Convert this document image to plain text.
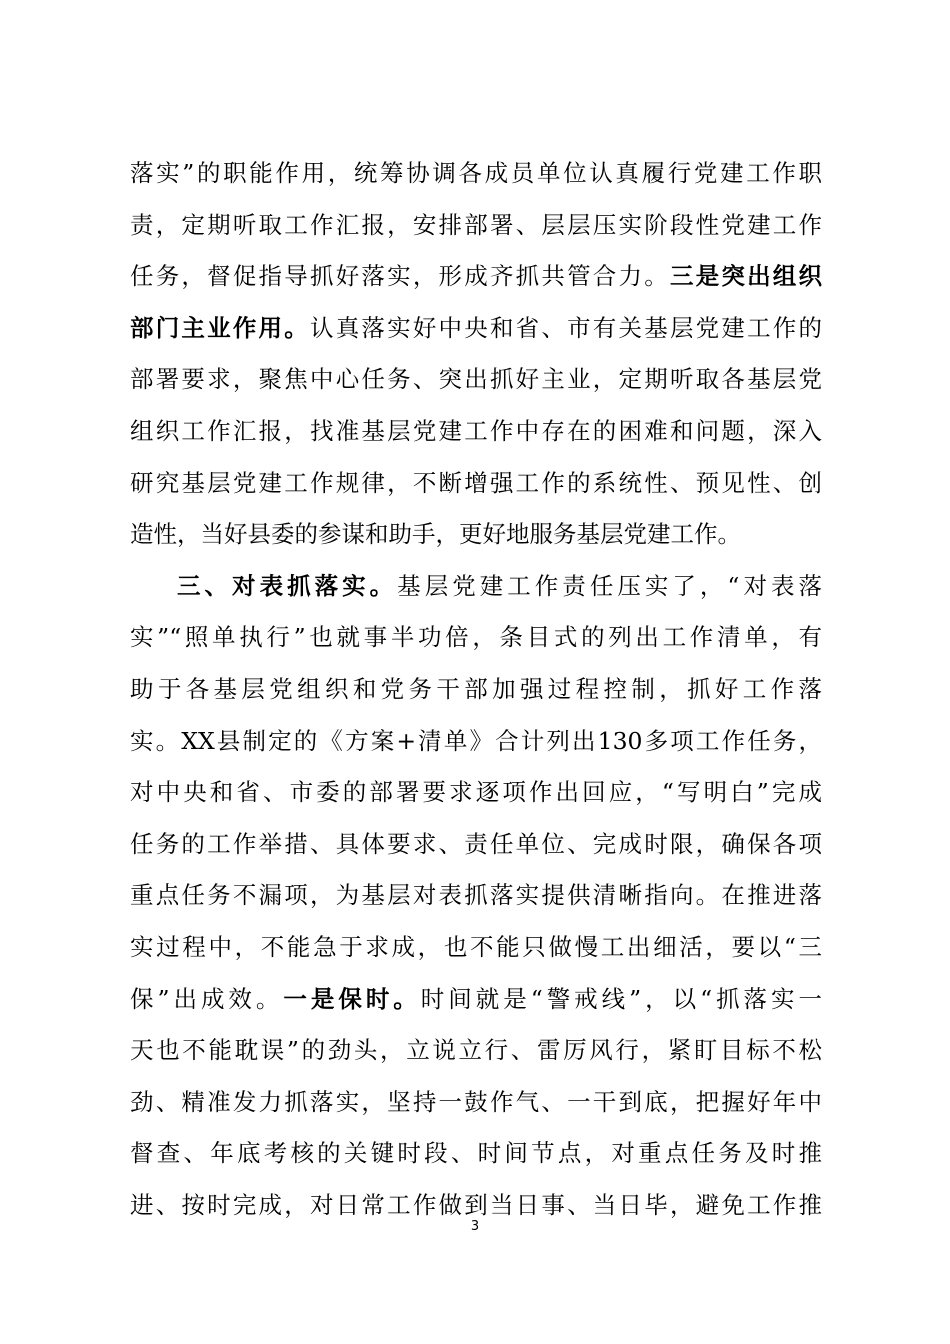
落实”的职能作用，统筹协调各成员单位认真履行党建工作职
责，定期听取工作汇报，安排部署、层层压实阶段性党建工作
任务，督促指导抓好落实，形成齐抓共管合力。三是突出组织
部门主业作用。认真落实好中央和省、市有关基层党建工作的
部署要求，聚焦中心任务、突出抓好主业，定期听取各基层党
组织工作汇报，找准基层党建工作中存在的困难和问题，深入
研究基层党建工作规律，不断增强工作的系统性、预见性、创
造性，当好县委的参谋和助手，更好地服务基层党建工作。
三、对表抓落实。基层党建工作责任压实了，“对表落
实”“照单执行”也就事半功倍，条目式的列出工作清单，有
助于各基层党组织和党务干部加强过程控制，抓好工作落
实。XX县制定的《方案+清单》合计列出130多项工作任务，
对中央和省、市委的部署要求逐项作出回应，“写明白”完成
任务的工作举措、具体要求、责任单位、完成时限，确保各项
重点任务不漏项，为基层对表抓落实提供清晰指向。在推进落
实过程中，不能急于求成，也不能只做慢工出细活，要以“三
保”出成效。一是保时。时间就是“警戒线”，以“抓落实一
天也不能耽误”的劲头，立说立行、雷厉风行，紧盯目标不松
劲、精准发力抓落实，坚持一鼓作气、一干到底，把握好年中
督查、年底考核的关键时段、时间节点，对重点任务及时推
进、按时完成，对日常工作做到当日事、当日毕，避免工作推
3
